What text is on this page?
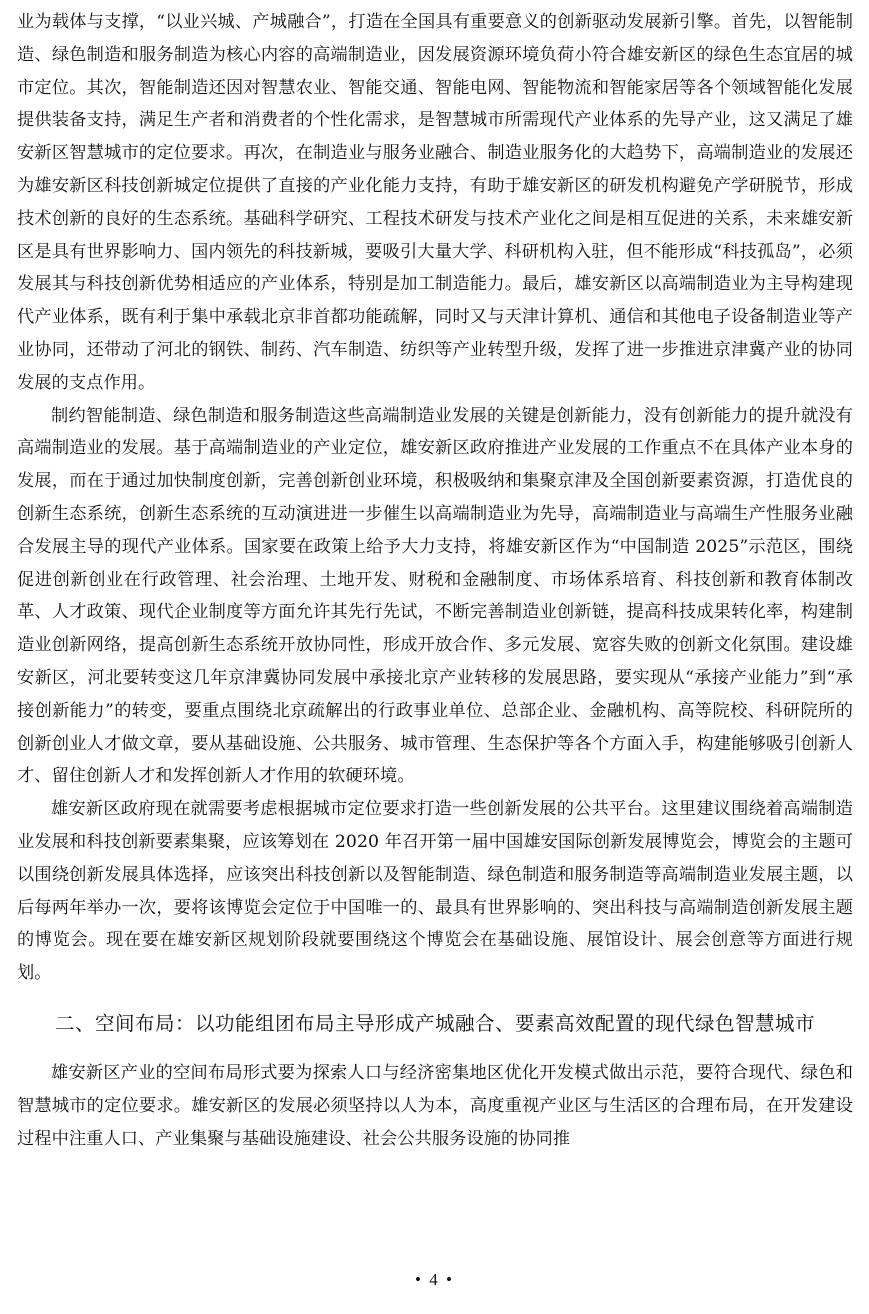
业为载体与支撑，“以业兴城、产城融合”，打造在全国具有重要意义的创新驱动发展新引擎。首先，以智能制造、绿色制造和服务制造为核心内容的高端制造业，因发展资源环境负荷小符合雄安新区的绿色生态宜居的城市定位。其次，智能制造还因对智慧农业、智能交通、智能电网、智能物流和智能家居等各个领域智能化发展提供装备支持，满足生产者和消费者的个性化需求，是智慧城市所需现代产业体系的先导产业，这又满足了雄安新区智慧城市的定位要求。再次，在制造业与服务业融合、制造业服务化的大趋势下，高端制造业的发展还为雄安新区科技创新城定位提供了直接的产业化能力支持，有助于雄安新区的研发机构避免产学研脱节，形成技术创新的良好的生态系统。基础科学研究、工程技术研发与技术产业化之间是相互促进的关系，未来雄安新区是具有世界影响力、国内领先的科技新城，要吸引大量大学、科研机构入驻，但不能形成“科技孤岛”，必须发展其与科技创新优势相适应的产业体系，特别是加工制造能力。最后，雄安新区以高端制造业为主导构建现代产业体系，既有利于集中承载北京非首都功能疏解，同时又与天津计算机、通信和其他电子设备制造业等产业协同，还带动了河北的钢铁、制药、汽车制造、纺织等产业转型升级，发挥了进一步推进京津冀产业的协同发展的支点作用。

制约智能制造、绿色制造和服务制造这些高端制造业发展的关键是创新能力，没有创新能力的提升就没有高端制造业的发展。基于高端制造业的产业定位，雄安新区政府推进产业发展的工作重点不在具体产业本身的发展，而在于通过加快制度创新，完善创新创业环境，积极吸纳和集聚京津及全国创新要素资源，打造优良的创新生态系统，创新生态系统的互动演进进一步催生以高端制造业为先导，高端制造业与高端生产性服务业融合发展主导的现代产业体系。国家要在政策上给予大力支持，将雄安新区作为“中国制造 2025”示范区，围绕促进创新创业在行政管理、社会治理、土地开发、财税和金融制度、市场体系培育、科技创新和教育体制改革、人才政策、现代企业制度等方面允许其先行先试，不断完善制造业创新链，提高科技成果转化率，构建制造业创新网络，提高创新生态系统开放协同性，形成开放合作、多元发展、宽容失败的创新文化氛围。建设雄安新区，河北要转变这几年京津冀协同发展中承接北京产业转移的发展思路，要实现从“承接产业能力”到“承接创新能力”的转变，要重点围绕北京疏解出的行政事业单位、总部企业、金融机构、高等院校、科研院所的创新创业人才做文章，要从基础设施、公共服务、城市管理、生态保护等各个方面入手，构建能够吸引创新人才、留住创新人才和发挥创新人才作用的软硬环境。

雄安新区政府现在就需要考虑根据城市定位要求打造一些创新发展的公共平台。这里建议围绕着高端制造业发展和科技创新要素集聚，应该筹划在 2020 年召开第一届中国雄安国际创新发展博览会，博览会的主题可以围绕创新发展具体选择，应该突出科技创新以及智能制造、绿色制造和服务制造等高端制造业发展主题，以后每两年举办一次，要将该博览会定位于中国唯一的、最具有世界影响的、突出科技与高端制造创新发展主题的博览会。现在要在雄安新区规划阶段就要围绕这个博览会在基础设施、展馆设计、展会创意等方面进行规划。

二、空间布局：以功能组团布局主导形成产城融合、要素高效配置的现代绿色智慧城市

雄安新区产业的空间布局形式要为探索人口与经济密集地区优化开发模式做出示范，要符合现代、绿色和智慧城市的定位要求。雄安新区的发展必须坚持以人为本，高度重视产业区与生活区的合理布局，在开发建设过程中注重人口、产业集聚与基础设施建设、社会公共服务设施的协同推

• 4 •
